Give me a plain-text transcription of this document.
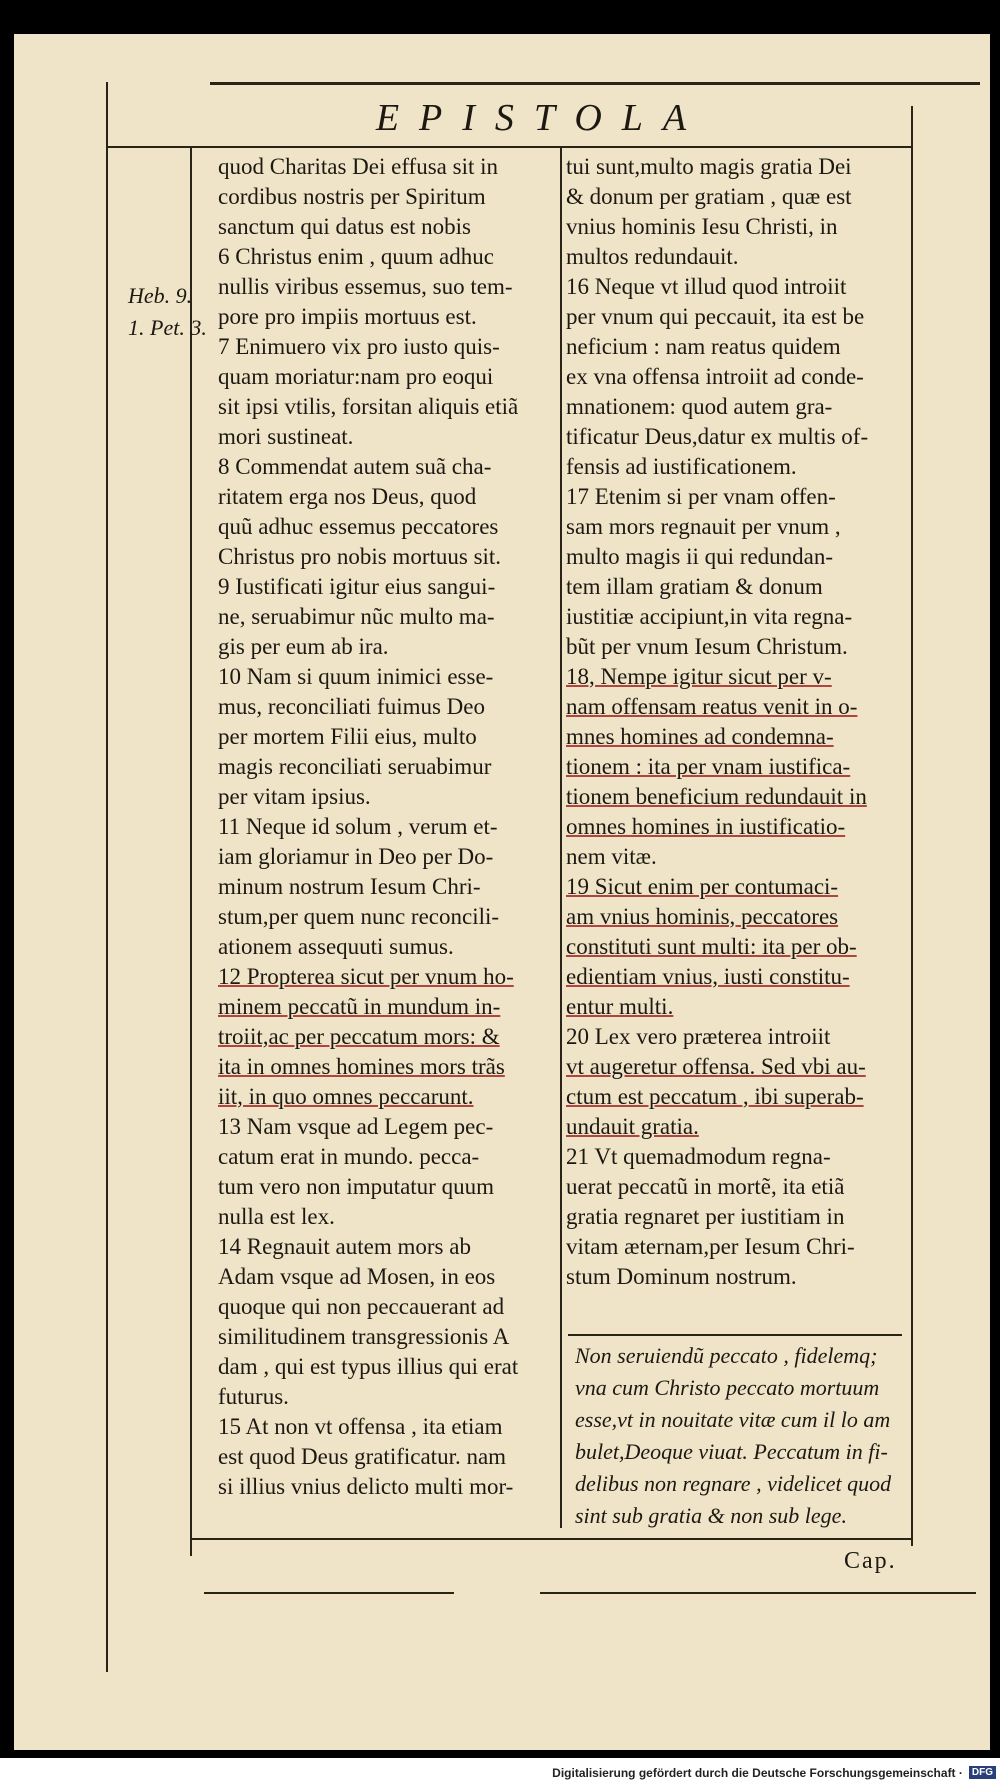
EPISTOLA
Heb. 9.
1. Pet. 3.
quod Charitas Dei effusa sit in
cordibus nostris per Spiritum
sanctum qui datus est nobis
6 Christus enim , quum adhuc
nullis viribus essemus, suo tem-
pore pro impiis mortuus est.
7 Enimuero vix pro iusto quis-
quam moriatur:nam pro eoqui
sit ipsi vtilis, forsitan aliquis etiã
mori sustineat.
8 Commendat autem suã cha-
ritatem erga nos Deus, quod
quũ adhuc essemus peccatores
Christus pro nobis mortuus sit.
9 Iustificati igitur eius sangui-
ne, seruabimur nũc multo ma-
gis per eum ab ira.
10 Nam si quum inimici esse-
mus, reconciliati fuimus Deo
per mortem Filii eius, multo
magis reconciliati seruabimur
per vitam ipsius.
11 Neque id solum , verum et-
iam gloriamur in Deo per Do-
minum nostrum Iesum Chri-
stum,per quem nunc reconcili-
ationem assequuti sumus.
12 Propterea sicut per vnum ho-
minem peccatũ in mundum in-
troiit,ac per peccatum mors: &
ita in omnes homines mors trãs
iit, in quo omnes peccarunt.
13 Nam vsque ad Legem pec-
catum erat in mundo. pecca-
tum vero non imputatur quum
nulla est lex.
14 Regnauit autem mors ab
Adam vsque ad Mosen, in eos
quoque qui non peccauerant ad
similitudinem transgressionis A
dam , qui est typus illius qui erat
futurus.
15 At non vt offensa , ita etiam
est quod Deus gratificatur. nam
si illius vnius delicto multi mor-
tui sunt,multo magis gratia Dei
& donum per gratiam , quæ est
vnius hominis Iesu Christi, in
multos redundauit.
16 Neque vt illud quod introiit
per vnum qui peccauit, ita est be
neficium : nam reatus quidem
ex vna offensa introiit ad conde-
mnationem: quod autem gra-
tificatur Deus,datur ex multis of-
fensis ad iustificationem.
17 Etenim si per vnam offen-
sam mors regnauit per vnum ,
multo magis ii qui redundan-
tem illam gratiam & donum
iustitiæ accipiunt,in vita regna-
bũt per vnum Iesum Christum.
18, Nempe igitur sicut per v-
nam offensam reatus venit in o-
mnes homines ad condemna-
tionem : ita per vnam iustifica-
tionem beneficium redundauit in
omnes homines in iustificatio-
nem vitæ.
19 Sicut enim per contumaci-
am vnius hominis, peccatores
constituti sunt multi: ita per ob-
edientiam vnius, iusti constitu-
entur multi.
20 Lex vero præterea introiit
vt augeretur offensa. Sed vbi au-
ctum est peccatum , ibi superab-
undauit gratia.
21 Vt quemadmodum regna-
uerat peccatũ in mortẽ, ita etiã
gratia regnaret per iustitiam in
vitam æternam,per Iesum Chri-
stum Dominum nostrum.
Non seruiendũ peccato , fidelemq;
vna cum Christo peccato mortuum
esse,vt in nouitate vitæ cum il lo am
bulet,Deoque viuat. Peccatum in fi-
delibus non regnare , videlicet quod
sint sub gratia & non sub lege.
Cap.
Digitalisierung gefördert durch die Deutsche Forschungsgemeinschaft · DFG
